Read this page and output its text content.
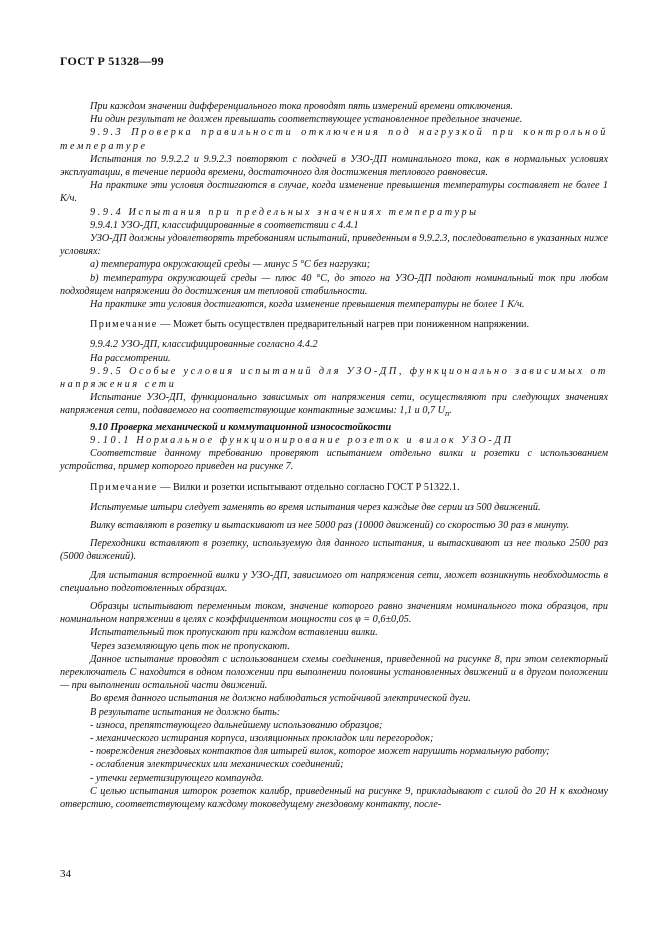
ГОСТ Р 51328—99

При каждом значении дифференциального тока проводят пять измерений времени отключения.

Ни один результат не должен превышать соответствующее установленное предельное значение.

9.9.3 Проверка правильности отключения под нагрузкой при контрольной температуре

Испытания по 9.9.2.2 и 9.9.2.3 повторяют с подачей в УЗО-ДП номинального тока, как в нормальных условиях эксплуатации, в течение периода времени, достаточного для достижения теплового равновесия.

На практике эти условия достигаются в случае, когда изменение превышения температуры составляет не более 1 К/ч.

9.9.4 Испытания при предельных значениях температуры

9.9.4.1 УЗО-ДП, классифицированные в соответствии с 4.4.1

УЗО-ДП должны удовлетворять требованиям испытаний, приведенным в 9.9.2.3, последовательно в указанных ниже условиях:

a) температура окружающей среды — минус 5 °С без нагрузки;

b) температура окружающей среды — плюс 40 °С, до этого на УЗО-ДП подают номинальный ток при любом подходящем напряжении до достижения им тепловой стабильности.

На практике эти условия достигаются, когда изменение превышения температуры не более 1 К/ч.

Примечание — Может быть осуществлен предварительный нагрев при пониженном напряжении.

9.9.4.2 УЗО-ДП, классифицированные согласно 4.4.2

На рассмотрении.

9.9.5 Особые условия испытаний для УЗО-ДП, функционально зависимых от напряжения сети

Испытание УЗО-ДП, функционально зависимых от напряжения сети, осуществляют при следующих значениях напряжения сети, подаваемого на соответствующие контактные зажимы: 1,1 и 0,7 $U_n$.

9.10 Проверка механической и коммутационной износостойкости

9.10.1 Нормальное функционирование розеток и вилок УЗО-ДП

Соответствие данному требованию проверяют испытанием отдельно вилки и розетки с использованием устройства, пример которого приведен на рисунке 7.

Примечание — Вилки и розетки испытывают отдельно согласно ГОСТ Р 51322.1.

Испытуемые штыри следует заменять во время испытания через каждые две серии из 500 движений.

Вилку вставляют в розетку и вытаскивают из нее 5000 раз (10000 движений) со скоростью 30 раз в минуту.

Переходники вставляют в розетку, используемую для данного испытания, и вытаскивают из нее только 2500 раз (5000 движений).

Для испытания встроенной вилки у УЗО-ДП, зависимого от напряжения сети, может возникнуть необходимость в специально подготовленных образцах.

Образцы испытывают переменным током, значение которого равно значениям номинального тока образцов, при номинальном напряжении в целях с коэффициентом мощности cos φ = 0,6±0,05.

Испытательный ток пропускают при каждом вставлении вилки.

Через заземляющую цепь ток не пропускают.

Данное испытание проводят с использованием схемы соединения, приведенной на рисунке 8, при этом селекторный переключатель С находится в одном положении при выполнении половины установленных движений и в другом положении — при выполнении остальной части движений.

Во время данного испытания не должно наблюдаться устойчивой электрической дуги.

В результате испытания не должно быть:

- износа, препятствующего дальнейшему использованию образцов;

- механического истирания корпуса, изоляционных прокладок или перегородок;

- повреждения гнездовых контактов для штырей вилок, которое может нарушить нормальную работу;

- ослабления электрических или механических соединений;

- утечки герметизирующего компаунда.

С целью испытания шторок розеток калибр, приведенный на рисунке 9, прикладывают с силой до 20 Н к входному отверстию, соответствующему каждому токоведущему гнездовому контакту, после-

34
